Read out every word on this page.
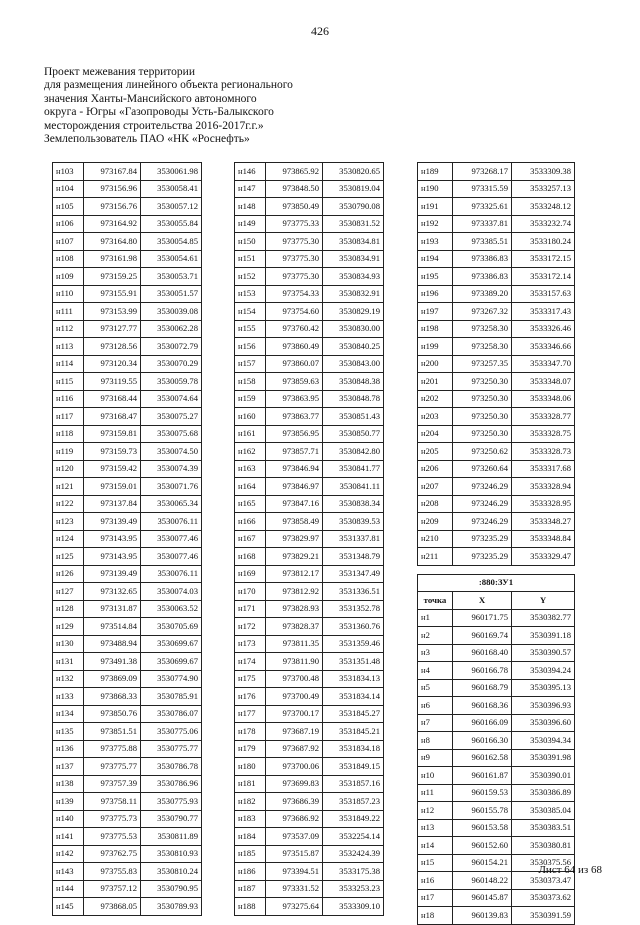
426
Проект межевания территории
для размещения линейного объекта регионального
значения Ханты-Мансийского автономного
округа - Югры «Газопроводы Усть-Балыкского
месторождения строительства 2016-2017г.г.»
Землепользователь ПАО «НК «Роснефть»
н103	973167.84	3530061.98
н104	973156.96	3530058.41
н105	973156.76	3530057.12
н106	973164.92	3530055.84
н107	973164.80	3530054.85
н108	973161.98	3530054.61
н109	973159.25	3530053.71
н110	973155.91	3530051.57
н111	973153.99	3530039.08
н112	973127.77	3530062.28
н113	973128.56	3530072.79
н114	973120.34	3530070.29
н115	973119.55	3530059.78
н116	973168.44	3530074.64
н117	973168.47	3530075.27
н118	973159.81	3530075.68
н119	973159.73	3530074.50
н120	973159.42	3530074.39
н121	973159.01	3530071.76
н122	973137.84	3530065.34
н123	973139.49	3530076.11
н124	973143.95	3530077.46
н125	973143.95	3530077.46
н126	973139.49	3530076.11
н127	973132.65	3530074.03
н128	973131.87	3530063.52
н129	973514.84	3530705.69
н130	973488.94	3530699.67
н131	973491.38	3530699.67
н132	973869.09	3530774.90
н133	973868.33	3530785.91
н134	973850.76	3530786.07
н135	973851.51	3530775.06
н136	973775.88	3530775.77
н137	973775.77	3530786.78
н138	973757.39	3530786.96
н139	973758.11	3530775.93
н140	973775.73	3530790.77
н141	973775.53	3530811.89
н142	973762.75	3530810.93
н143	973755.83	3530810.24
н144	973757.12	3530790.95
н145	973868.05	3530789.93
н146	973865.92	3530820.65
н147	973848.50	3530819.04
н148	973850.49	3530790.08
н149	973775.33	3530831.52
н150	973775.30	3530834.81
н151	973775.30	3530834.91
н152	973775.30	3530834.93
н153	973754.33	3530832.91
н154	973754.60	3530829.19
н155	973760.42	3530830.00
н156	973860.49	3530840.25
н157	973860.07	3530843.00
н158	973859.63	3530848.38
н159	973863.95	3530848.78
н160	973863.77	3530851.43
н161	973856.95	3530850.77
н162	973857.71	3530842.80
н163	973846.94	3530841.77
н164	973846.97	3530841.11
н165	973847.16	3530838.34
н166	973858.49	3530839.53
н167	973829.97	3531337.81
н168	973829.21	3531348.79
н169	973812.17	3531347.49
н170	973812.92	3531336.51
н171	973828.93	3531352.78
н172	973828.37	3531360.76
н173	973811.35	3531359.46
н174	973811.90	3531351.48
н175	973700.48	3531834.13
н176	973700.49	3531834.14
н177	973700.17	3531845.27
н178	973687.19	3531845.21
н179	973687.92	3531834.18
н180	973700.06	3531849.15
н181	973699.83	3531857.16
н182	973686.39	3531857.23
н183	973686.92	3531849.22
н184	973537.09	3532254.14
н185	973515.87	3532424.39
н186	973394.51	3533175.38
н187	973331.52	3533253.23
н188	973275.64	3533309.10
н189	973268.17	3533309.38
н190	973315.59	3533257.13
н191	973325.61	3533248.12
н192	973337.81	3533232.74
н193	973385.51	3533180.24
н194	973386.83	3533172.15
н195	973386.83	3533172.14
н196	973389.20	3533157.63
н197	973267.32	3533317.43
н198	973258.30	3533326.46
н199	973258.30	3533346.66
н200	973257.35	3533347.70
н201	973250.30	3533348.07
н202	973250.30	3533348.06
н203	973250.30	3533328.77
н204	973250.30	3533328.75
н205	973250.62	3533328.73
н206	973260.64	3533317.68
н207	973246.29	3533328.94
н208	973246.29	3533328.95
н209	973246.29	3533348.27
н210	973235.29	3533348.84
н211	973235.29	3533329.47
:880:ЗУ1		
точка	X	Y
н1	960171.75	3530382.77
н2	960169.74	3530391.18
н3	960168.40	3530390.57
н4	960166.78	3530394.24
н5	960168.79	3530395.13
н6	960168.36	3530396.93
н7	960166.09	3530396.60
н8	960166.30	3530394.34
н9	960162.58	3530391.98
н10	960161.87	3530390.01
н11	960159.53	3530386.89
н12	960155.78	3530385.04
н13	960153.58	3530383.51
н14	960152.60	3530380.81
н15	960154.21	3530375.56
н16	960148.22	3530373.47
н17	960145.87	3530373.62
н18	960139.83	3530391.59
Лист 64 из 68
